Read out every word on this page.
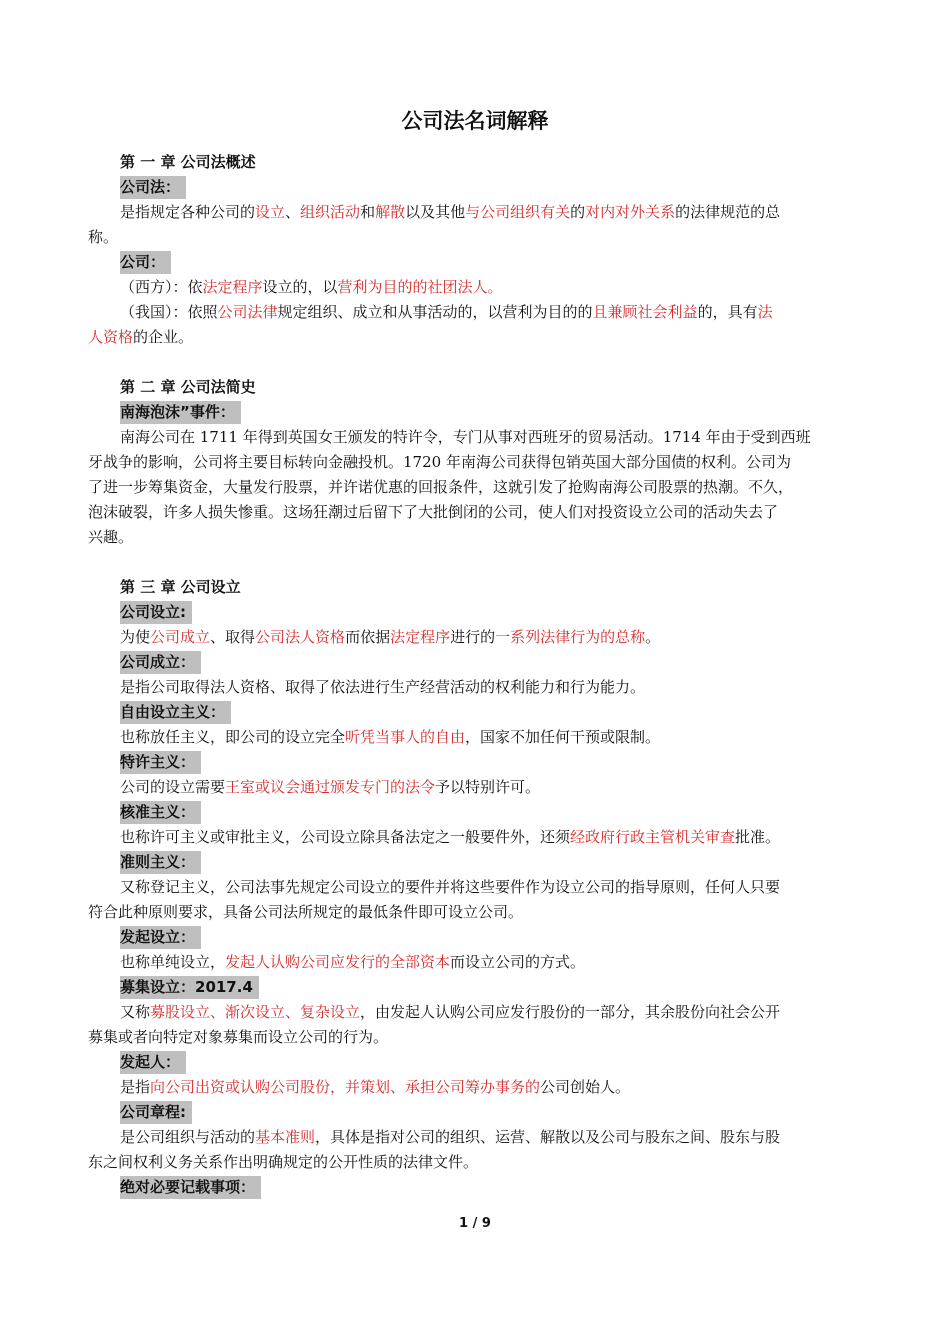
公司法名词解释
第 一 章 公司法概述
公司法：
是指规定各种公司的设立、组织活动和解散以及其他与公司组织有关的对内对外关系的法律规范的总
称。
公司：
（西方）：依法定程序设立的，以营利为目的的社团法人。
（我国）：依照公司法律规定组织、成立和从事活动的，以营利为目的的且兼顾社会利益的，具有法
人资格的企业。
第 二 章 公司法简史
南海泡沫”事件：
南海公司在 1711 年得到英国女王颁发的特许令，专门从事对西班牙的贸易活动。1714 年由于受到西班
牙战争的影响，公司将主要目标转向金融投机。1720 年南海公司获得包销英国大部分国债的权利。公司为
了进一步筹集资金，大量发行股票，并许诺优惠的回报条件，这就引发了抢购南海公司股票的热潮。不久，
泡沫破裂，许多人损失惨重。这场狂潮过后留下了大批倒闭的公司，使人们对投资设立公司的活动失去了
兴趣。
第 三 章 公司设立
公司设立:
为使公司成立、取得公司法人资格而依据法定程序进行的一系列法律行为的总称。
公司成立：
是指公司取得法人资格、取得了依法进行生产经营活动的权利能力和行为能力。
自由设立主义：
也称放任主义，即公司的设立完全听凭当事人的自由，国家不加任何干预或限制。
特许主义：
公司的设立需要王室或议会通过颁发专门的法令予以特别许可。
核准主义：
也称许可主义或审批主义，公司设立除具备法定之一般要件外，还须经政府行政主管机关审查批准。
准则主义：
又称登记主义，公司法事先规定公司设立的要件并将这些要件作为设立公司的指导原则，任何人只要
符合此种原则要求，具备公司法所规定的最低条件即可设立公司。
发起设立：
也称单纯设立，发起人认购公司应发行的全部资本而设立公司的方式。
募集设立：2017.4
又称募股设立、渐次设立、复杂设立，由发起人认购公司应发行股份的一部分，其余股份向社会公开
募集或者向特定对象募集而设立公司的行为。
发起人：
是指向公司出资或认购公司股份，并策划、承担公司筹办事务的公司创始人。
公司章程:
是公司组织与活动的基本准则，具体是指对公司的组织、运营、解散以及公司与股东之间、股东与股
东之间权利义务关系作出明确规定的公开性质的法律文件。
绝对必要记载事项：
1 / 9
